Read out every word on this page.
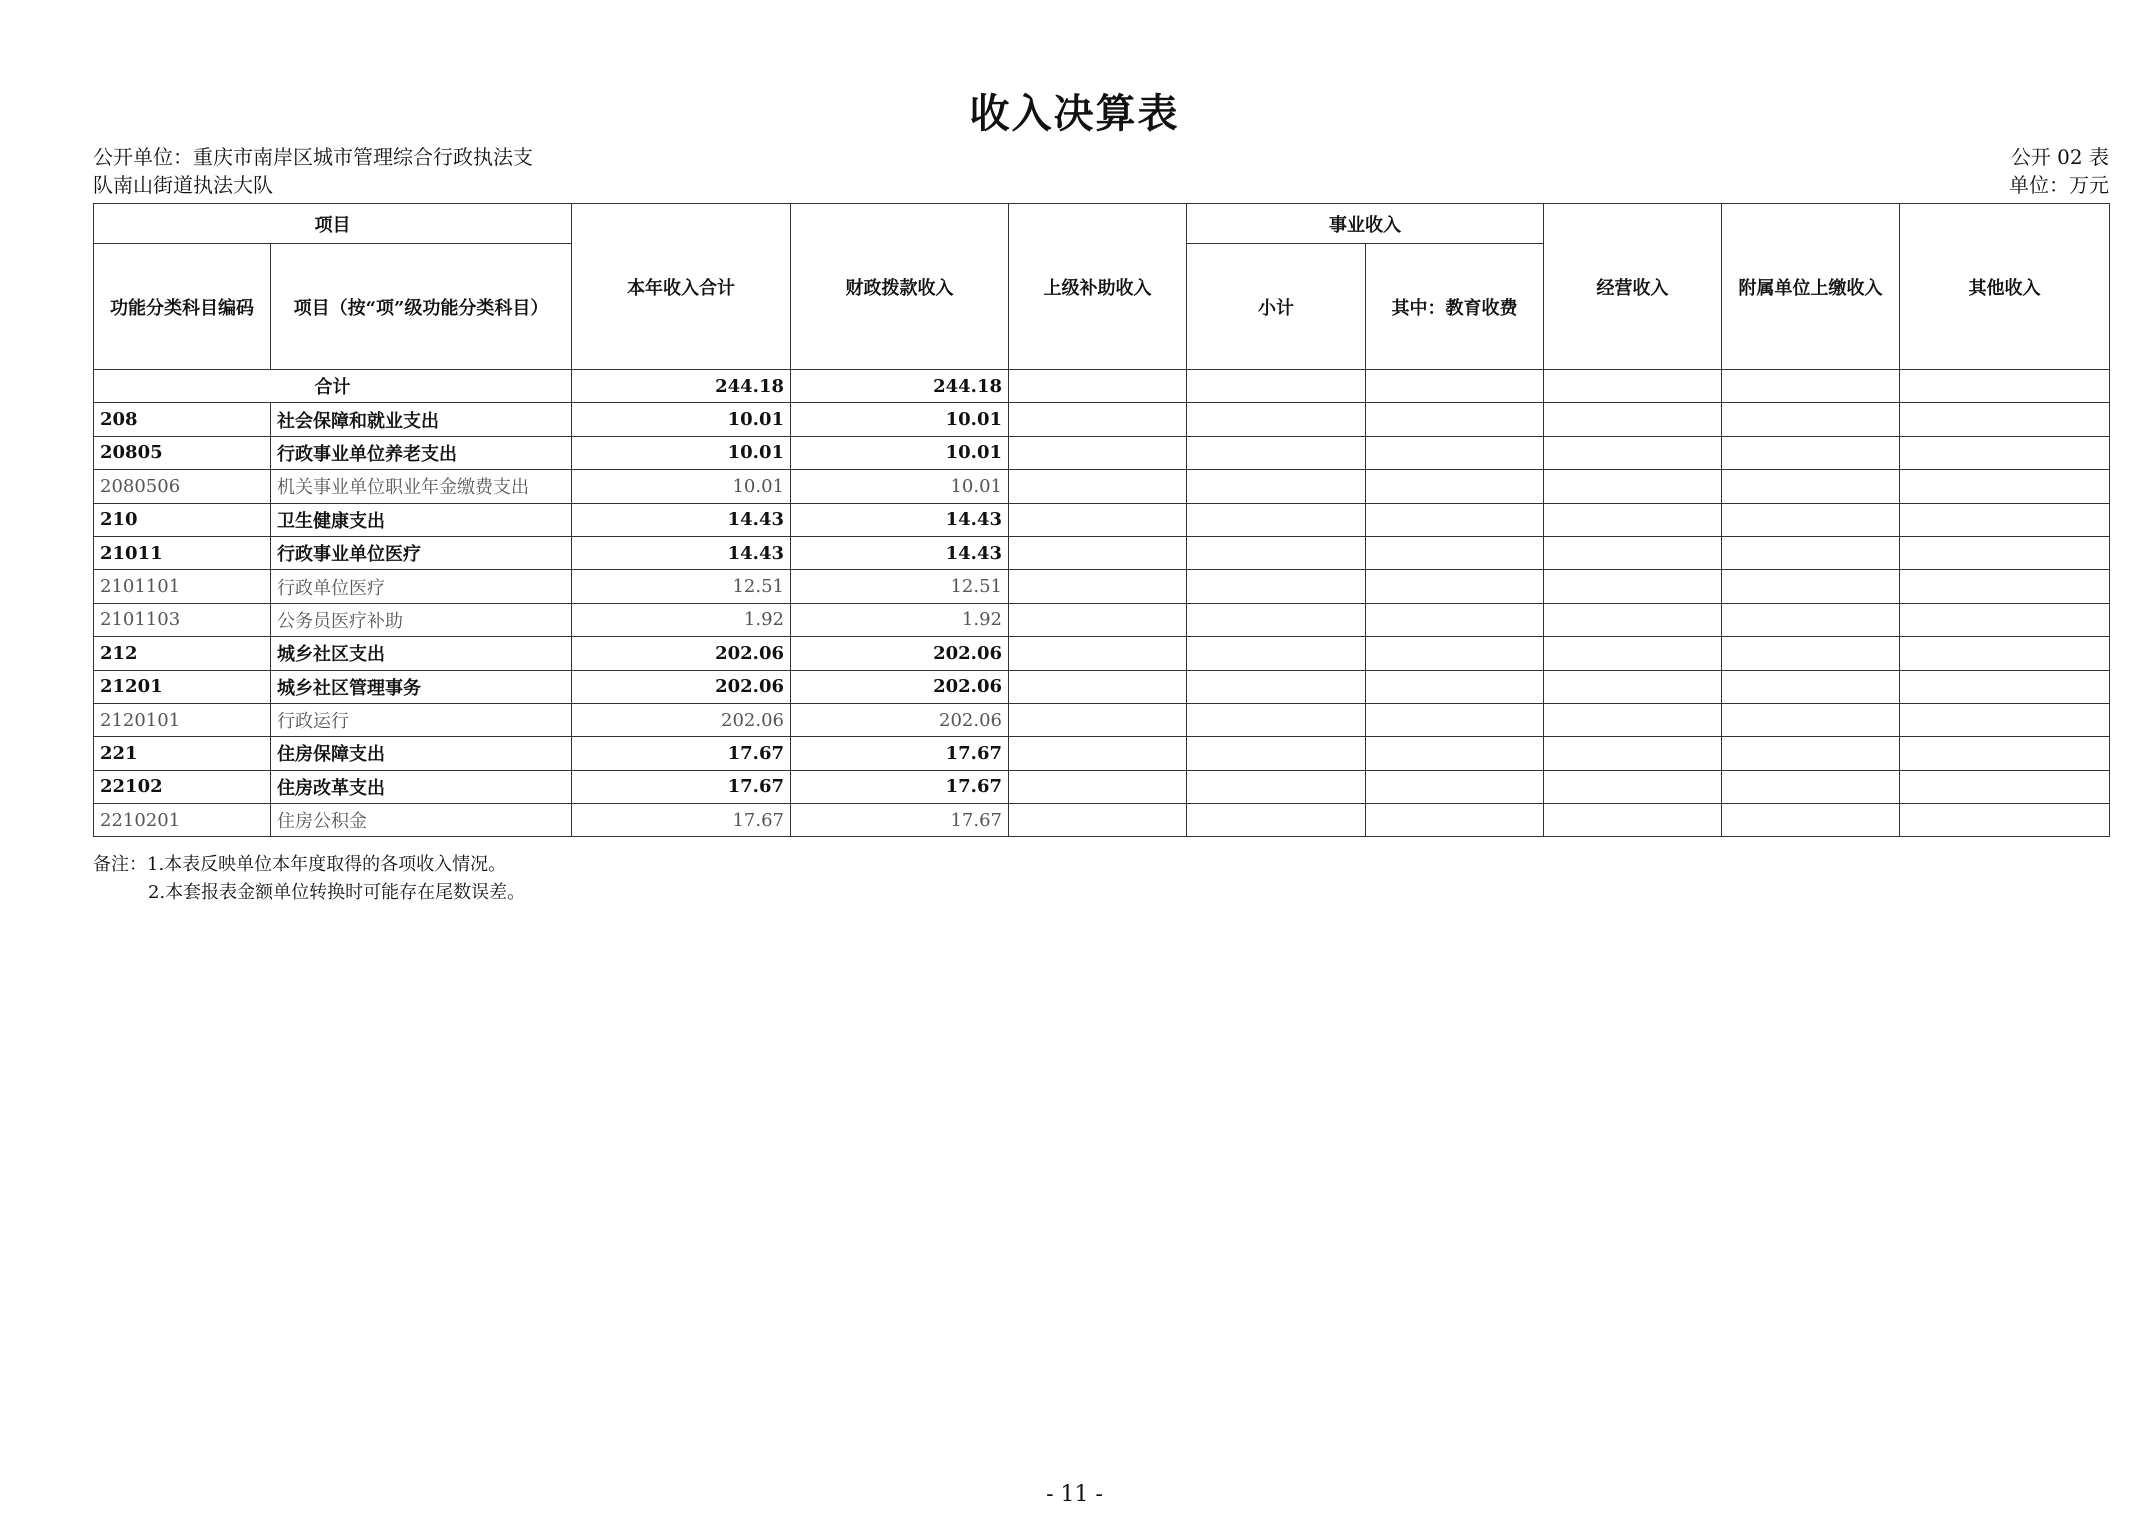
收入决算表
公开单位：重庆市南岸区城市管理综合行政执法支
队南山街道执法大队
公开 02 表
单位：万元
项目		本年收入合计	财政拨款收入	上级补助收入	事业收入		经营收入	附属单位上缴收入	其他收入
功能分类科目编码	项目（按“项”级功能分类科目）				小计	其中：教育收费			
合计		244.18	244.18						
208	社会保障和就业支出	10.01	10.01						
20805	行政事业单位养老支出	10.01	10.01						
2080506	机关事业单位职业年金缴费支出	10.01	10.01						
210	卫生健康支出	14.43	14.43						
21011	行政事业单位医疗	14.43	14.43						
2101101	行政单位医疗	12.51	12.51						
2101103	公务员医疗补助	1.92	1.92						
212	城乡社区支出	202.06	202.06						
21201	城乡社区管理事务	202.06	202.06						
2120101	行政运行	202.06	202.06						
221	住房保障支出	17.67	17.67						
22102	住房改革支出	17.67	17.67						
2210201	住房公积金	17.67	17.67						
备注：1.本表反映单位本年度取得的各项收入情况。
2.本套报表金额单位转换时可能存在尾数误差。
- 11 -
